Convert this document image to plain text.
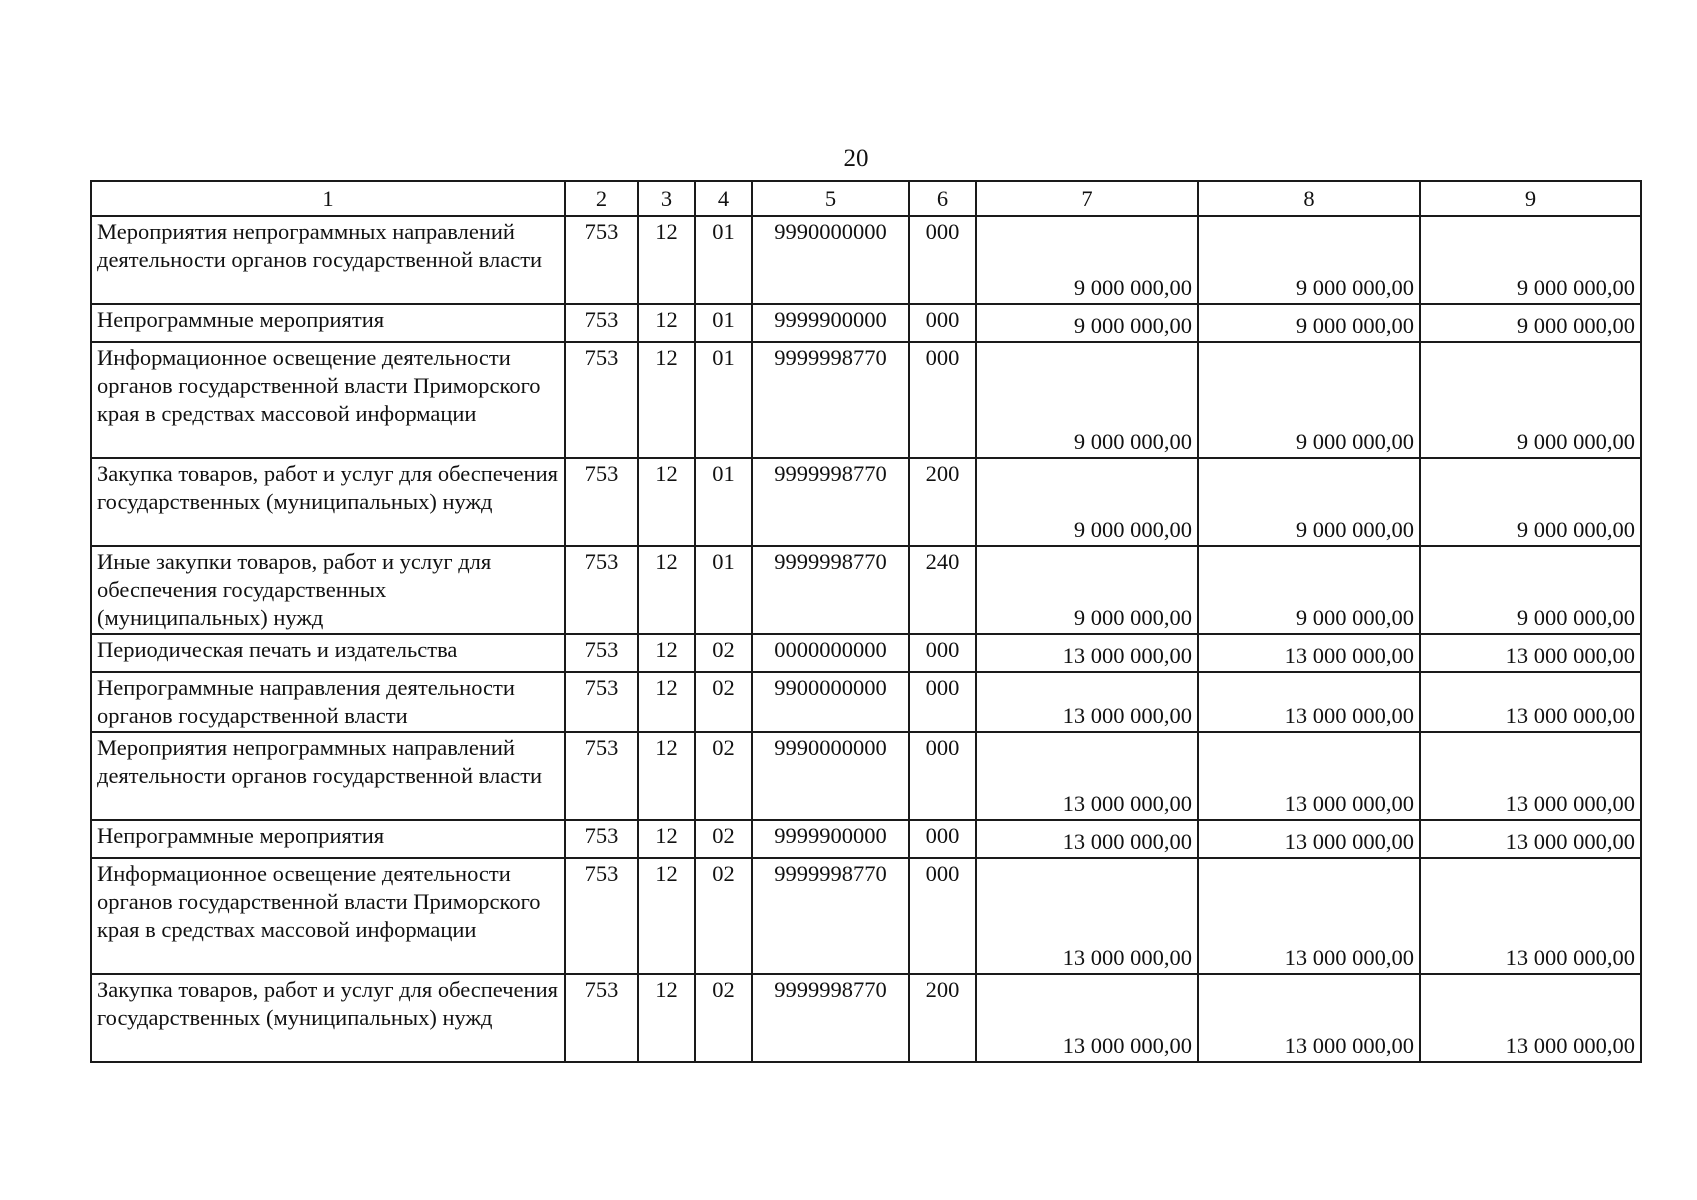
20
1	2	3	4	5	6	7	8	9
Мероприятия непрограммных направлений деятельности органов государственной власти	753	12	01	9990000000	000	9 000 000,00	9 000 000,00	9 000 000,00
Непрограммные мероприятия	753	12	01	9999900000	000	9 000 000,00	9 000 000,00	9 000 000,00
Информационное освещение деятельности органов государственной власти Приморского края в средствах массовой информации	753	12	01	9999998770	000	9 000 000,00	9 000 000,00	9 000 000,00
Закупка товаров, работ и услуг для обеспечения государственных (муниципальных) нужд	753	12	01	9999998770	200	9 000 000,00	9 000 000,00	9 000 000,00
Иные закупки товаров, работ и услуг для обеспечения государственных (муниципальных) нужд	753	12	01	9999998770	240	9 000 000,00	9 000 000,00	9 000 000,00
Периодическая печать и издательства	753	12	02	0000000000	000	13 000 000,00	13 000 000,00	13 000 000,00
Непрограммные направления деятельности органов государственной власти	753	12	02	9900000000	000	13 000 000,00	13 000 000,00	13 000 000,00
Мероприятия непрограммных направлений деятельности органов государственной власти	753	12	02	9990000000	000	13 000 000,00	13 000 000,00	13 000 000,00
Непрограммные мероприятия	753	12	02	9999900000	000	13 000 000,00	13 000 000,00	13 000 000,00
Информационное освещение деятельности органов государственной власти Приморского края в средствах массовой информации	753	12	02	9999998770	000	13 000 000,00	13 000 000,00	13 000 000,00
Закупка товаров, работ и услуг для обеспечения государственных (муниципальных) нужд	753	12	02	9999998770	200	13 000 000,00	13 000 000,00	13 000 000,00
